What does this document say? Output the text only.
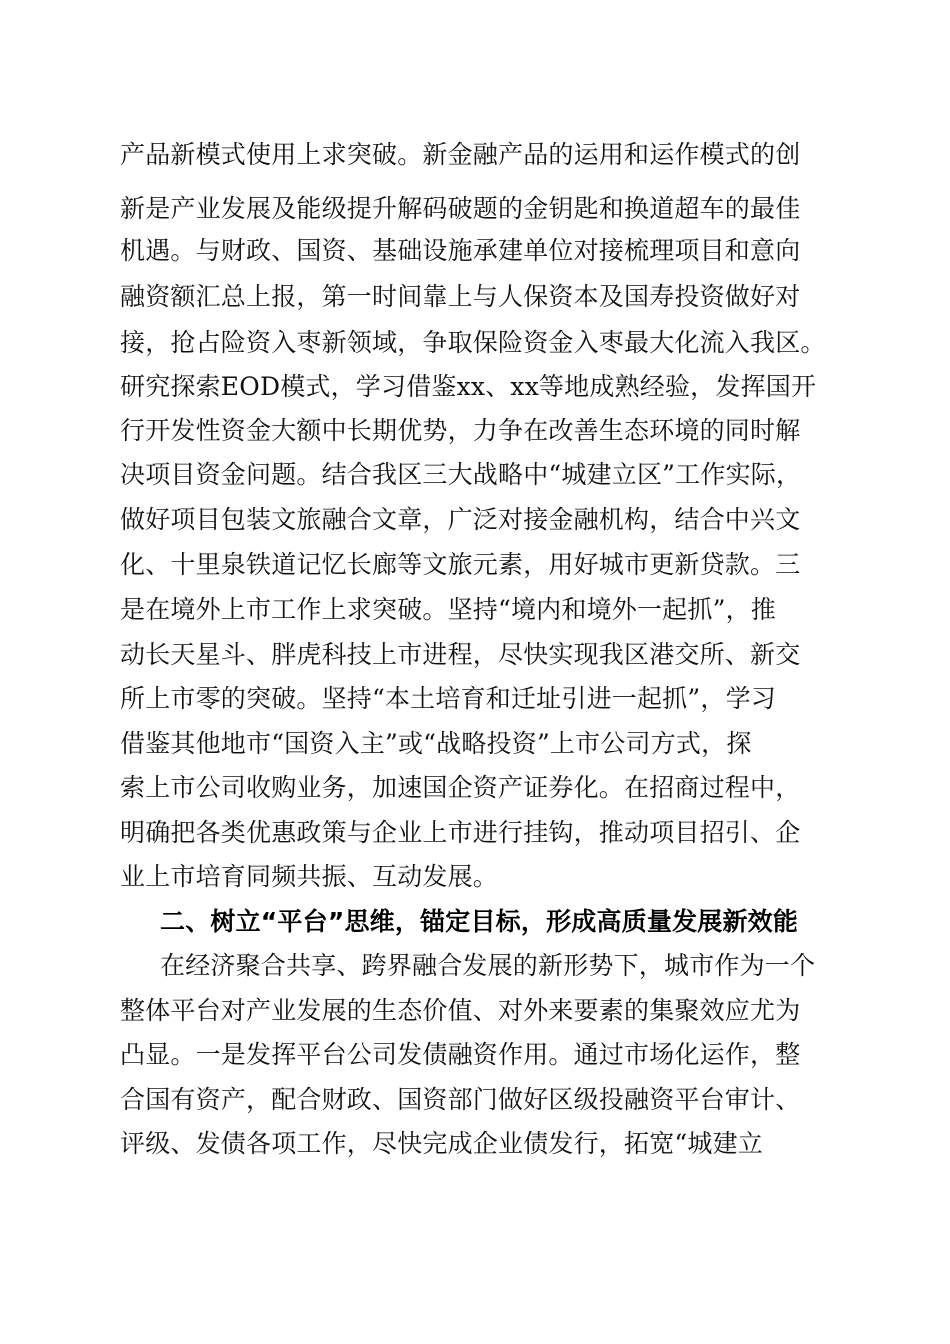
产品新模式使用上求突破。新金融产品的运用和运作模式的创
新是产业发展及能级提升解码破题的金钥匙和换道超车的最佳
机遇。与财政、国资、基础设施承建单位对接梳理项目和意向
融资额汇总上报，第一时间靠上与人保资本及国寿投资做好对
接，抢占险资入枣新领域，争取保险资金入枣最大化流入我区。
研究探索EOD模式，学习借鉴xx、xx等地成熟经验，发挥国开
行开发性资金大额中长期优势，力争在改善生态环境的同时解
决项目资金问题。结合我区三大战略中“城建立区”工作实际，
做好项目包装文旅融合文章，广泛对接金融机构，结合中兴文
化、十里泉铁道记忆长廊等文旅元素，用好城市更新贷款。三
是在境外上市工作上求突破。坚持“境内和境外一起抓”，推
动长天星斗、胖虎科技上市进程，尽快实现我区港交所、新交
所上市零的突破。坚持“本土培育和迁址引进一起抓”，学习
借鉴其他地市“国资入主”或“战略投资”上市公司方式，探
索上市公司收购业务，加速国企资产证券化。在招商过程中，
明确把各类优惠政策与企业上市进行挂钩，推动项目招引、企
业上市培育同频共振、互动发展。
二、树立“平台”思维，锚定目标，形成高质量发展新效能
在经济聚合共享、跨界融合发展的新形势下，城市作为一个
整体平台对产业发展的生态价值、对外来要素的集聚效应尤为
凸显。一是发挥平台公司发债融资作用。通过市场化运作，整
合国有资产，配合财政、国资部门做好区级投融资平台审计、
评级、发债各项工作，尽快完成企业债发行，拓宽“城建立
